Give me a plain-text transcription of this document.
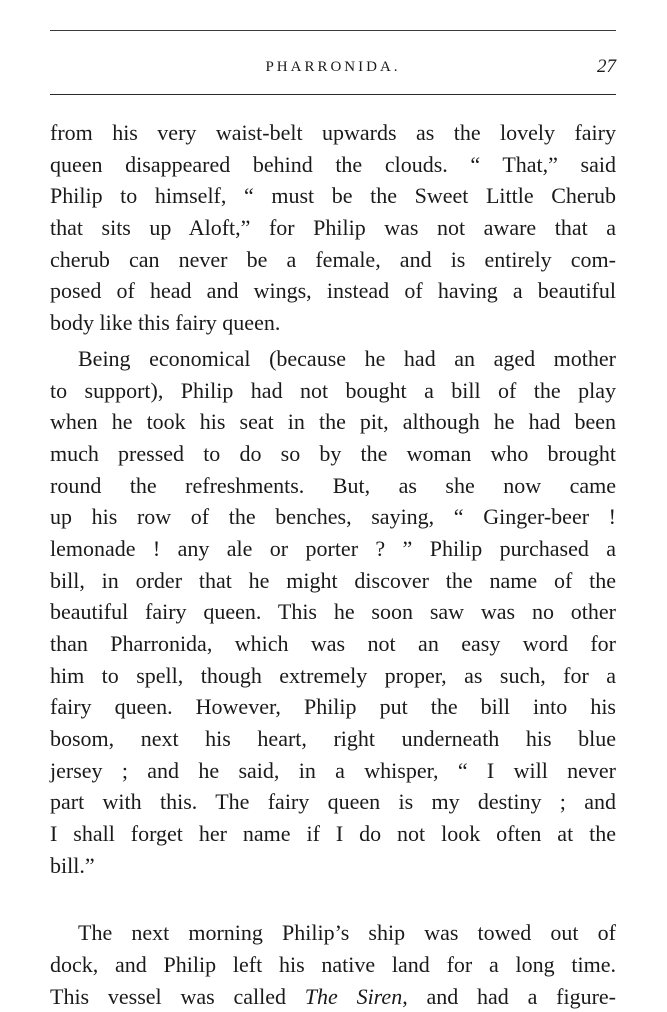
PHARRONIDA.	27
from his very waist-belt upwards as the lovely fairy
queen disappeared behind the clouds. “ That,” said
Philip to himself, “ must be the Sweet Little Cherub
that sits up Aloft,” for Philip was not aware that a
cherub can never be a female, and is entirely com-
posed of head and wings, instead of having a beautiful
body like this fairy queen.
Being economical (because he had an aged mother
to support), Philip had not bought a bill of the play
when he took his seat in the pit, although he had been
much pressed to do so by the woman who brought
round the refreshments. But, as she now came
up his row of the benches, saying, “ Ginger-beer !
lemonade ! any ale or porter ? ” Philip purchased a
bill, in order that he might discover the name of the
beautiful fairy queen. This he soon saw was no other
than Pharronida, which was not an easy word for
him to spell, though extremely proper, as such, for a
fairy queen. However, Philip put the bill into his
bosom, next his heart, right underneath his blue
jersey ; and he said, in a whisper, “ I will never
part with this. The fairy queen is my destiny ; and
I shall forget her name if I do not look often at the
bill.”
The next morning Philip’s ship was towed out of
dock, and Philip left his native land for a long time.
This vessel was called The Siren, and had a figure-
